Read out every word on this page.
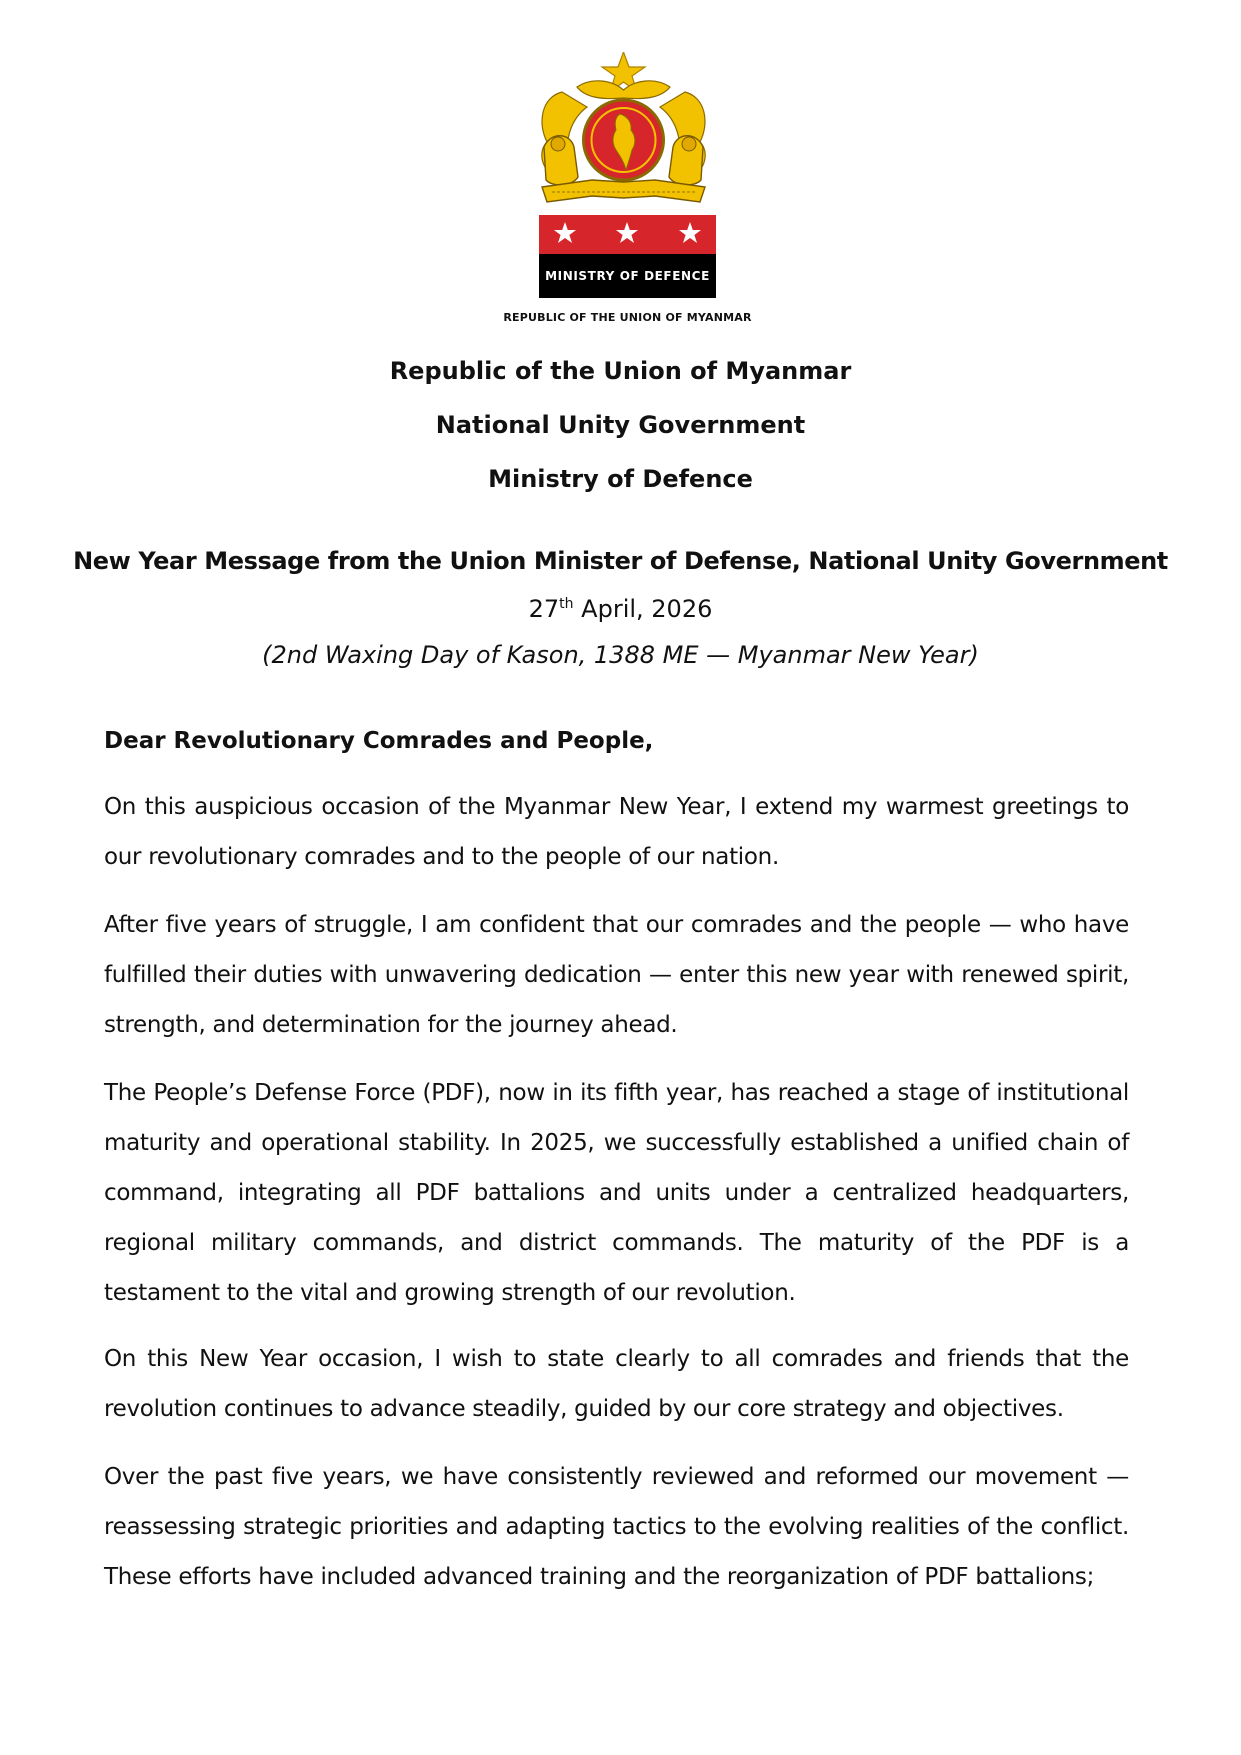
MINISTRY OF DEFENCE
REPUBLIC OF THE UNION OF MYANMAR
Republic of the Union of Myanmar
National Unity Government
Ministry of Defence
New Year Message from the Union Minister of Defense, National Unity Government
27th April, 2026
(2nd Waxing Day of Kason, 1388 ME — Myanmar New Year)
Dear Revolutionary Comrades and People,

On this auspicious occasion of the Myanmar New Year, I extend my warmest greetings to our revolutionary comrades and to the people of our nation.

After five years of struggle, I am confident that our comrades and the people — who have fulfilled their duties with unwavering dedication — enter this new year with renewed spirit, strength, and determination for the journey ahead.

The People’s Defense Force (PDF), now in its fifth year, has reached a stage of institutional maturity and operational stability. In 2025, we successfully established a unified chain of command, integrating all PDF battalions and units under a centralized headquarters, regional military commands, and district commands. The maturity of the PDF is a testament to the vital and growing strength of our revolution.

On this New Year occasion, I wish to state clearly to all comrades and friends that the revolution continues to advance steadily, guided by our core strategy and objectives.

Over the past five years, we have consistently reviewed and reformed our movement — reassessing strategic priorities and adapting tactics to the evolving realities of the conflict. These efforts have included advanced training and the reorganization of PDF battalions;
